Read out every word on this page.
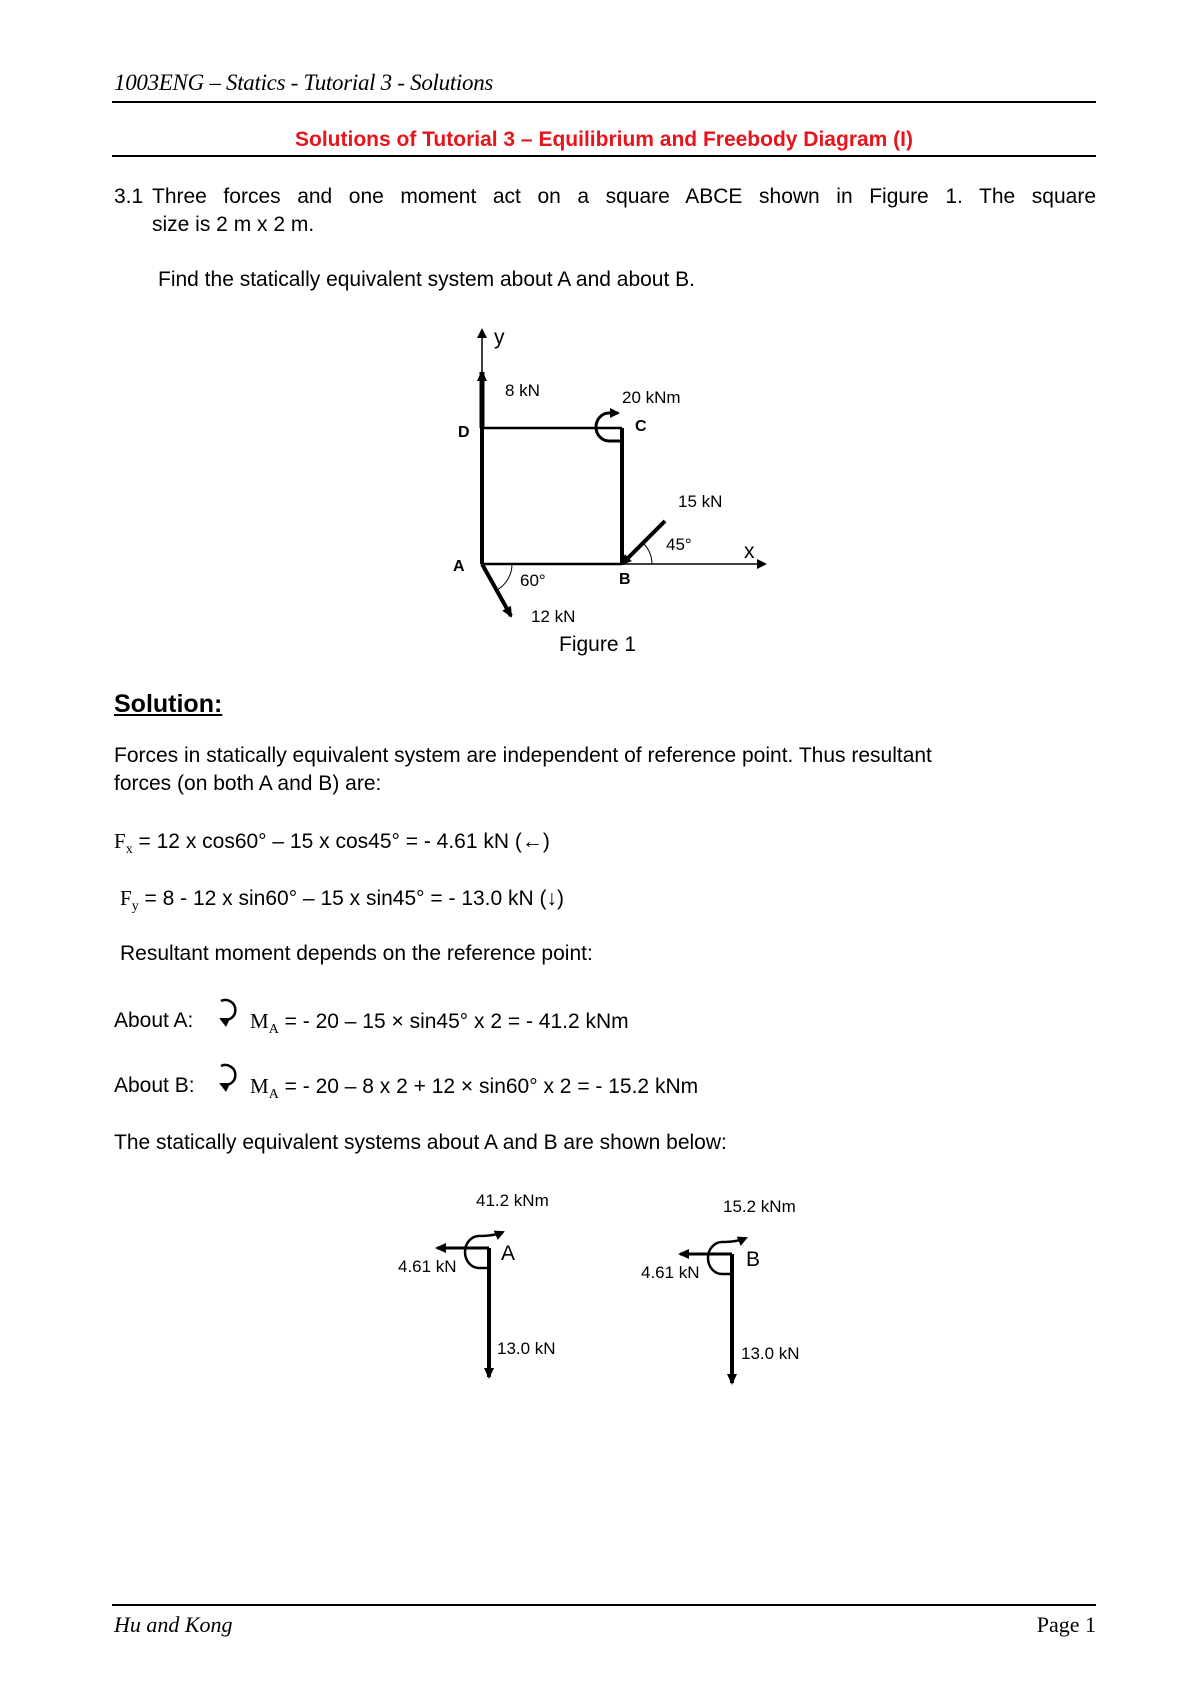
1003ENG – Statics - Tutorial 3 - Solutions
Solutions of Tutorial 3 – Equilibrium and Freebody Diagram (I)
3.1 Three forces and one moment act on a square ABCE shown in Figure 1. The square
size is 2 m x 2 m.
Find the statically equivalent system about A and about B.
y
x
D	C
A
B
8 kN	20 kNm
15 kN
45°
60°
12 kN
Figure 1
Solution:
Forces in statically equivalent system are independent of reference point. Thus resultant
forces (on both A and B) are:
$F_x = 12$ x cos60° – 15 x cos45° = - 4.61 kN (←)
$F_y = 8 - 12$ x sin60° – 15 x sin45° = - 13.0 kN (↓)
Resultant moment depends on the reference point:
About A:	$M_A$ = - 20 – 15 × sin45° x 2 = - 41.2 kNm
About B:	$M_A$ = - 20 – 8 x 2 + 12 × sin60° x 2 = - 15.2 kNm
The statically equivalent systems about A and B are shown below:
41.2 kNm
4.61 kN
A
13.0 kN
15.2 kNm
4.61 kN
B
13.0 kN
Hu and Kong	Page 1
